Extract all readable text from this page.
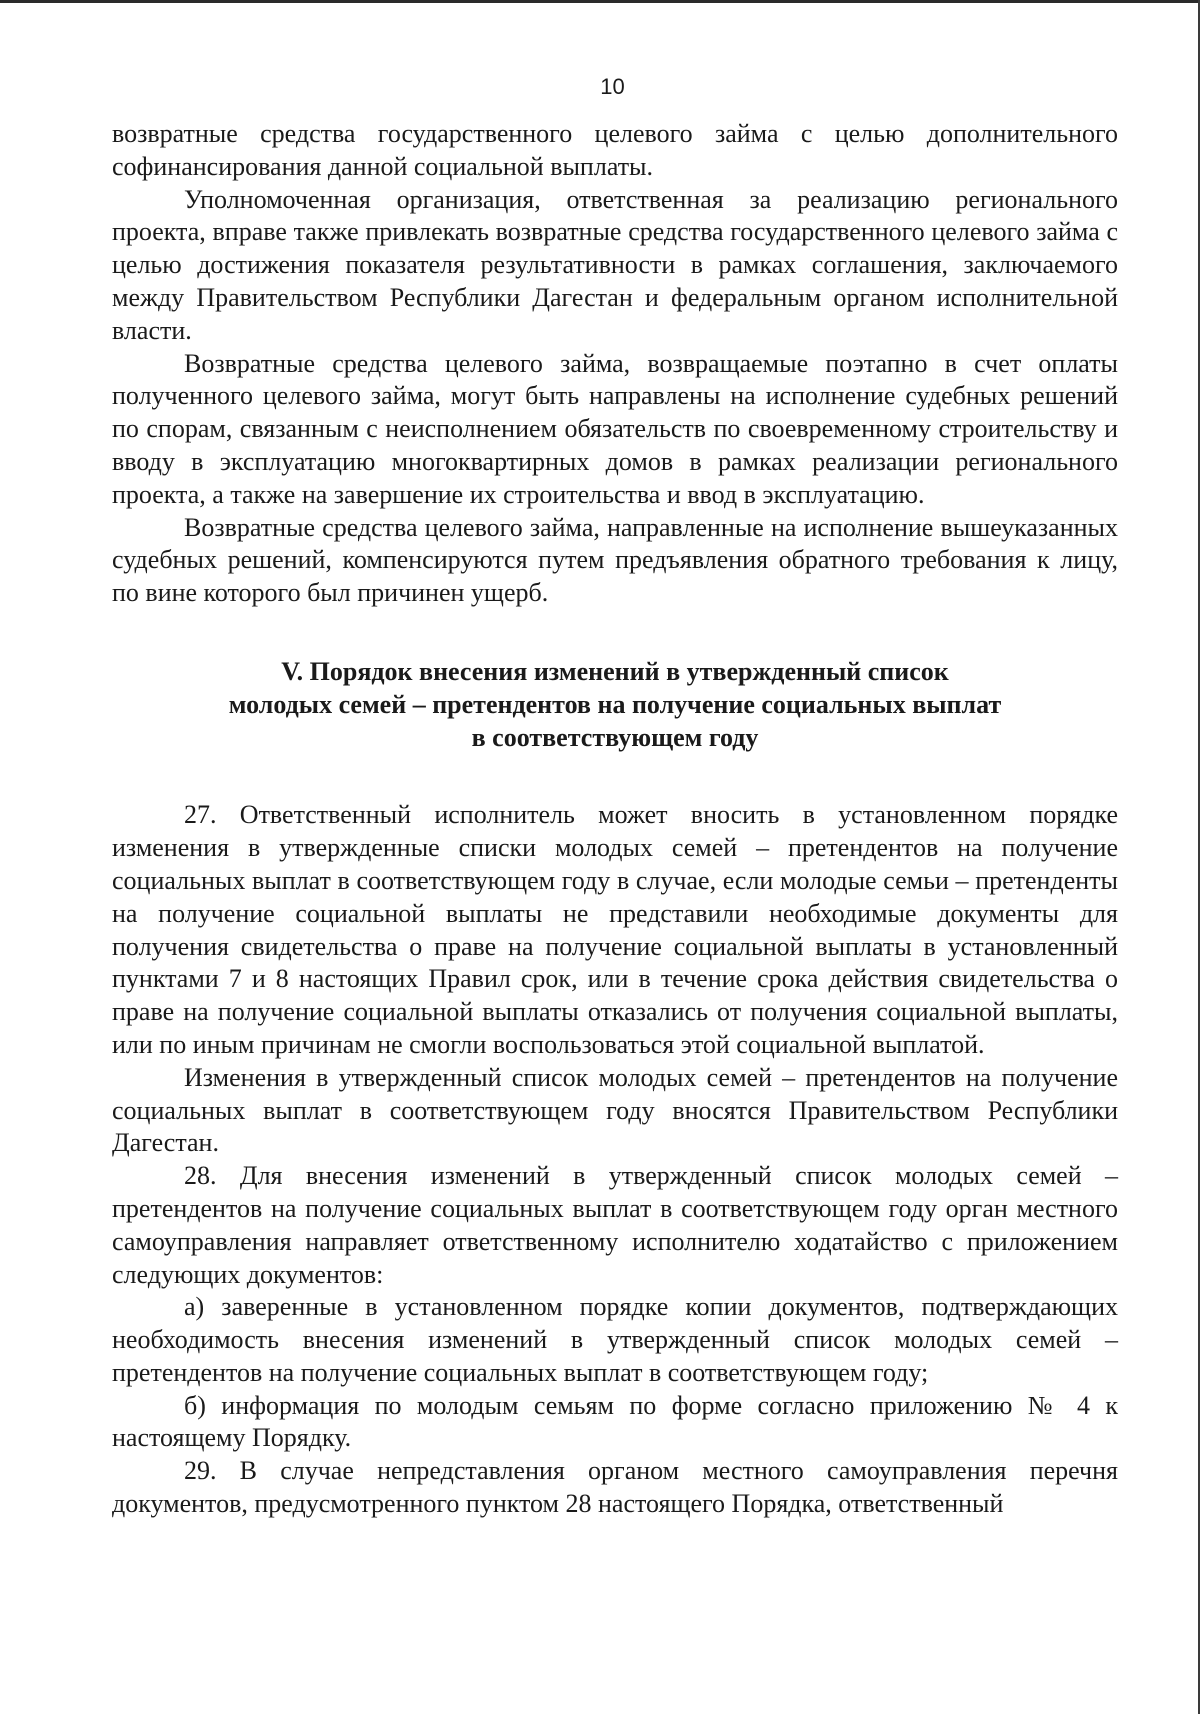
10

возвратные средства государственного целевого займа с целью дополнительного софинансирования данной социальной выплаты.

Уполномоченная организация, ответственная за реализацию регионального проекта, вправе также привлекать возвратные средства государственного целевого займа с целью достижения показателя результативности в рамках соглашения, заключаемого между Правительством Республики Дагестан и федеральным органом исполнительной власти.

Возвратные средства целевого займа, возвращаемые поэтапно в счет оплаты полученного целевого займа, могут быть направлены на исполнение судебных решений по спорам, связанным с неисполнением обязательств по своевременному строительству и вводу в эксплуатацию многоквартирных домов в рамках реализации регионального проекта, а также на завершение их строительства и ввод в эксплуатацию.

Возвратные средства целевого займа, направленные на исполнение вышеуказанных судебных решений, компенсируются путем предъявления обратного требования к лицу, по вине которого был причинен ущерб.

V. Порядок внесения изменений в утвержденный список
молодых семей – претендентов на получение социальных выплат
в соответствующем году

27. Ответственный исполнитель может вносить в установленном порядке изменения в утвержденные списки молодых семей – претендентов на получение социальных выплат в соответствующем году в случае, если молодые семьи – претенденты на получение социальной выплаты не представили необходимые документы для получения свидетельства о праве на получение социальной выплаты в установленный пунктами 7 и 8 настоящих Правил срок, или в течение срока действия свидетельства о праве на получение социальной выплаты отказались от получения социальной выплаты, или по иным причинам не смогли воспользоваться этой социальной выплатой.

Изменения в утвержденный список молодых семей – претендентов на получение социальных выплат в соответствующем году вносятся Правительством Республики Дагестан.

28. Для внесения изменений в утвержденный список молодых семей – претендентов на получение социальных выплат в соответствующем году орган местного самоуправления направляет ответственному исполнителю ходатайство с приложением следующих документов:

а) заверенные в установленном порядке копии документов, подтверждающих необходимость внесения изменений в утвержденный список молодых семей – претендентов на получение социальных выплат в соответствующем году;

б) информация по молодым семьям по форме согласно приложению № 4 к настоящему Порядку.

29. В случае непредставления органом местного самоуправления перечня документов, предусмотренного пунктом 28 настоящего Порядка, ответственный
